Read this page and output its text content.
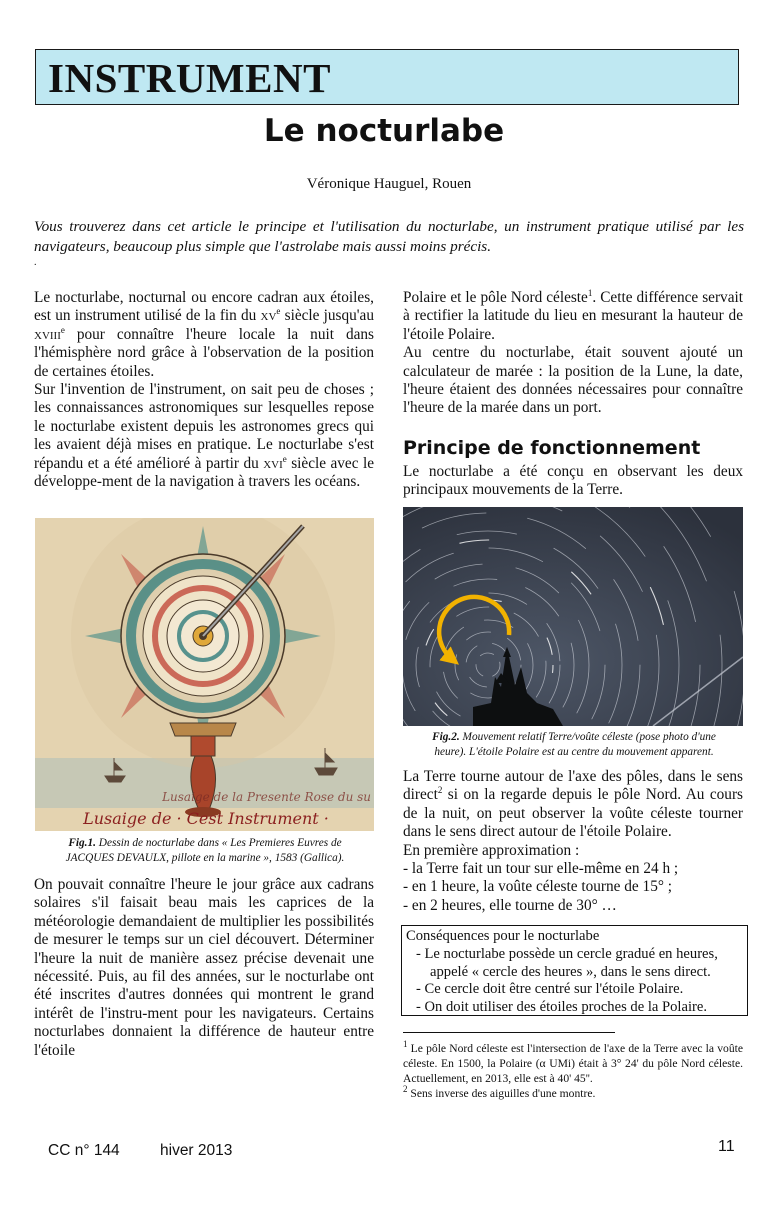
INSTRUMENT
Le nocturlabe
Véronique Hauguel, Rouen
Vous trouverez dans cet article le principe et l'utilisation du nocturlabe, un instrument pratique utilisé par les navigateurs, beaucoup plus simple que l'astrolabe mais aussi moins précis.
.

Le nocturlabe, nocturnal ou encore cadran aux étoiles, est un instrument utilisé de la fin du $xv^e$ siècle jusqu'au xviii$^e$ pour connaître l'heure locale la nuit dans l'hémisphère nord grâce à l'observation de la position de certaines étoiles.

Sur l'invention de l'instrument, on sait peu de choses ; les connaissances astronomiques sur lesquelles repose le nocturlabe existent depuis les astronomes grecs qui les avaient déjà mises en pratique. Le nocturlabe s'est répandu et a été amélioré à partir du xvi$^e$ siècle avec le développe-ment de la navigation à travers les océans.

Lusaige de la Presente Rose du su
Lusaige de · Cest Instrument ·
Fig.1. Dessin de nocturlabe dans « Les Premieres Euvres de
JACQUES DEVAULX, pillote en la marine », 1583 (Gallica).

On pouvait connaître l'heure le jour grâce aux cadrans solaires s'il faisait beau mais les caprices de la météorologie demandaient de multiplier les possibilités de mesurer le temps sur un ciel découvert. Déterminer l'heure la nuit de manière assez précise devenait une nécessité. Puis, au fil des années, sur le nocturlabe ont été inscrites d'autres données qui montrent le grand intérêt de l'instru-ment pour les navigateurs. Certains nocturlabes donnaient la différence de hauteur entre l'étoile

Polaire et le pôle Nord céleste$^1$. Cette différence servait à rectifier la latitude du lieu en mesurant la hauteur de l'étoile Polaire.

Au centre du nocturlabe, était souvent ajouté un calculateur de marée : la position de la Lune, la date, l'heure étaient des données nécessaires pour connaître l'heure de la marée dans un port.

Principe de fonctionnement

Le nocturlabe a été conçu en observant les deux principaux mouvements de la Terre.

Fig.2. Mouvement relatif Terre/voûte céleste (pose photo d'une
heure). L'étoile Polaire est au centre du mouvement apparent.

La Terre tourne autour de l'axe des pôles, dans le sens direct$^2$ si on la regarde depuis le pôle Nord. Au cours de la nuit, on peut observer la voûte céleste tourner dans le sens direct autour de l'étoile Polaire.

En première approximation :

- la Terre fait un tour sur elle-même en 24 h ;

- en 1 heure, la voûte céleste tourne de 15° ;

- en 2 heures, elle tourne de 30° …

Conséquences pour le nocturlabe
- Le nocturlabe possède un cercle gradué en heures,
appelé « cercle des heures », dans le sens direct.
- Ce cercle doit être centré sur l'étoile Polaire.
- On doit utiliser des étoiles proches de la Polaire.
$^1$ Le pôle Nord céleste est l'intersection de l'axe de la Terre avec la voûte céleste. En 1500, la Polaire (α UMi) était à 3° 24' du pôle Nord céleste. Actuellement, en 2013, elle est à 40' 45''.
$^2$ Sens inverse des aiguilles d'une montre.
CC n° 144	hiver 2013	11
